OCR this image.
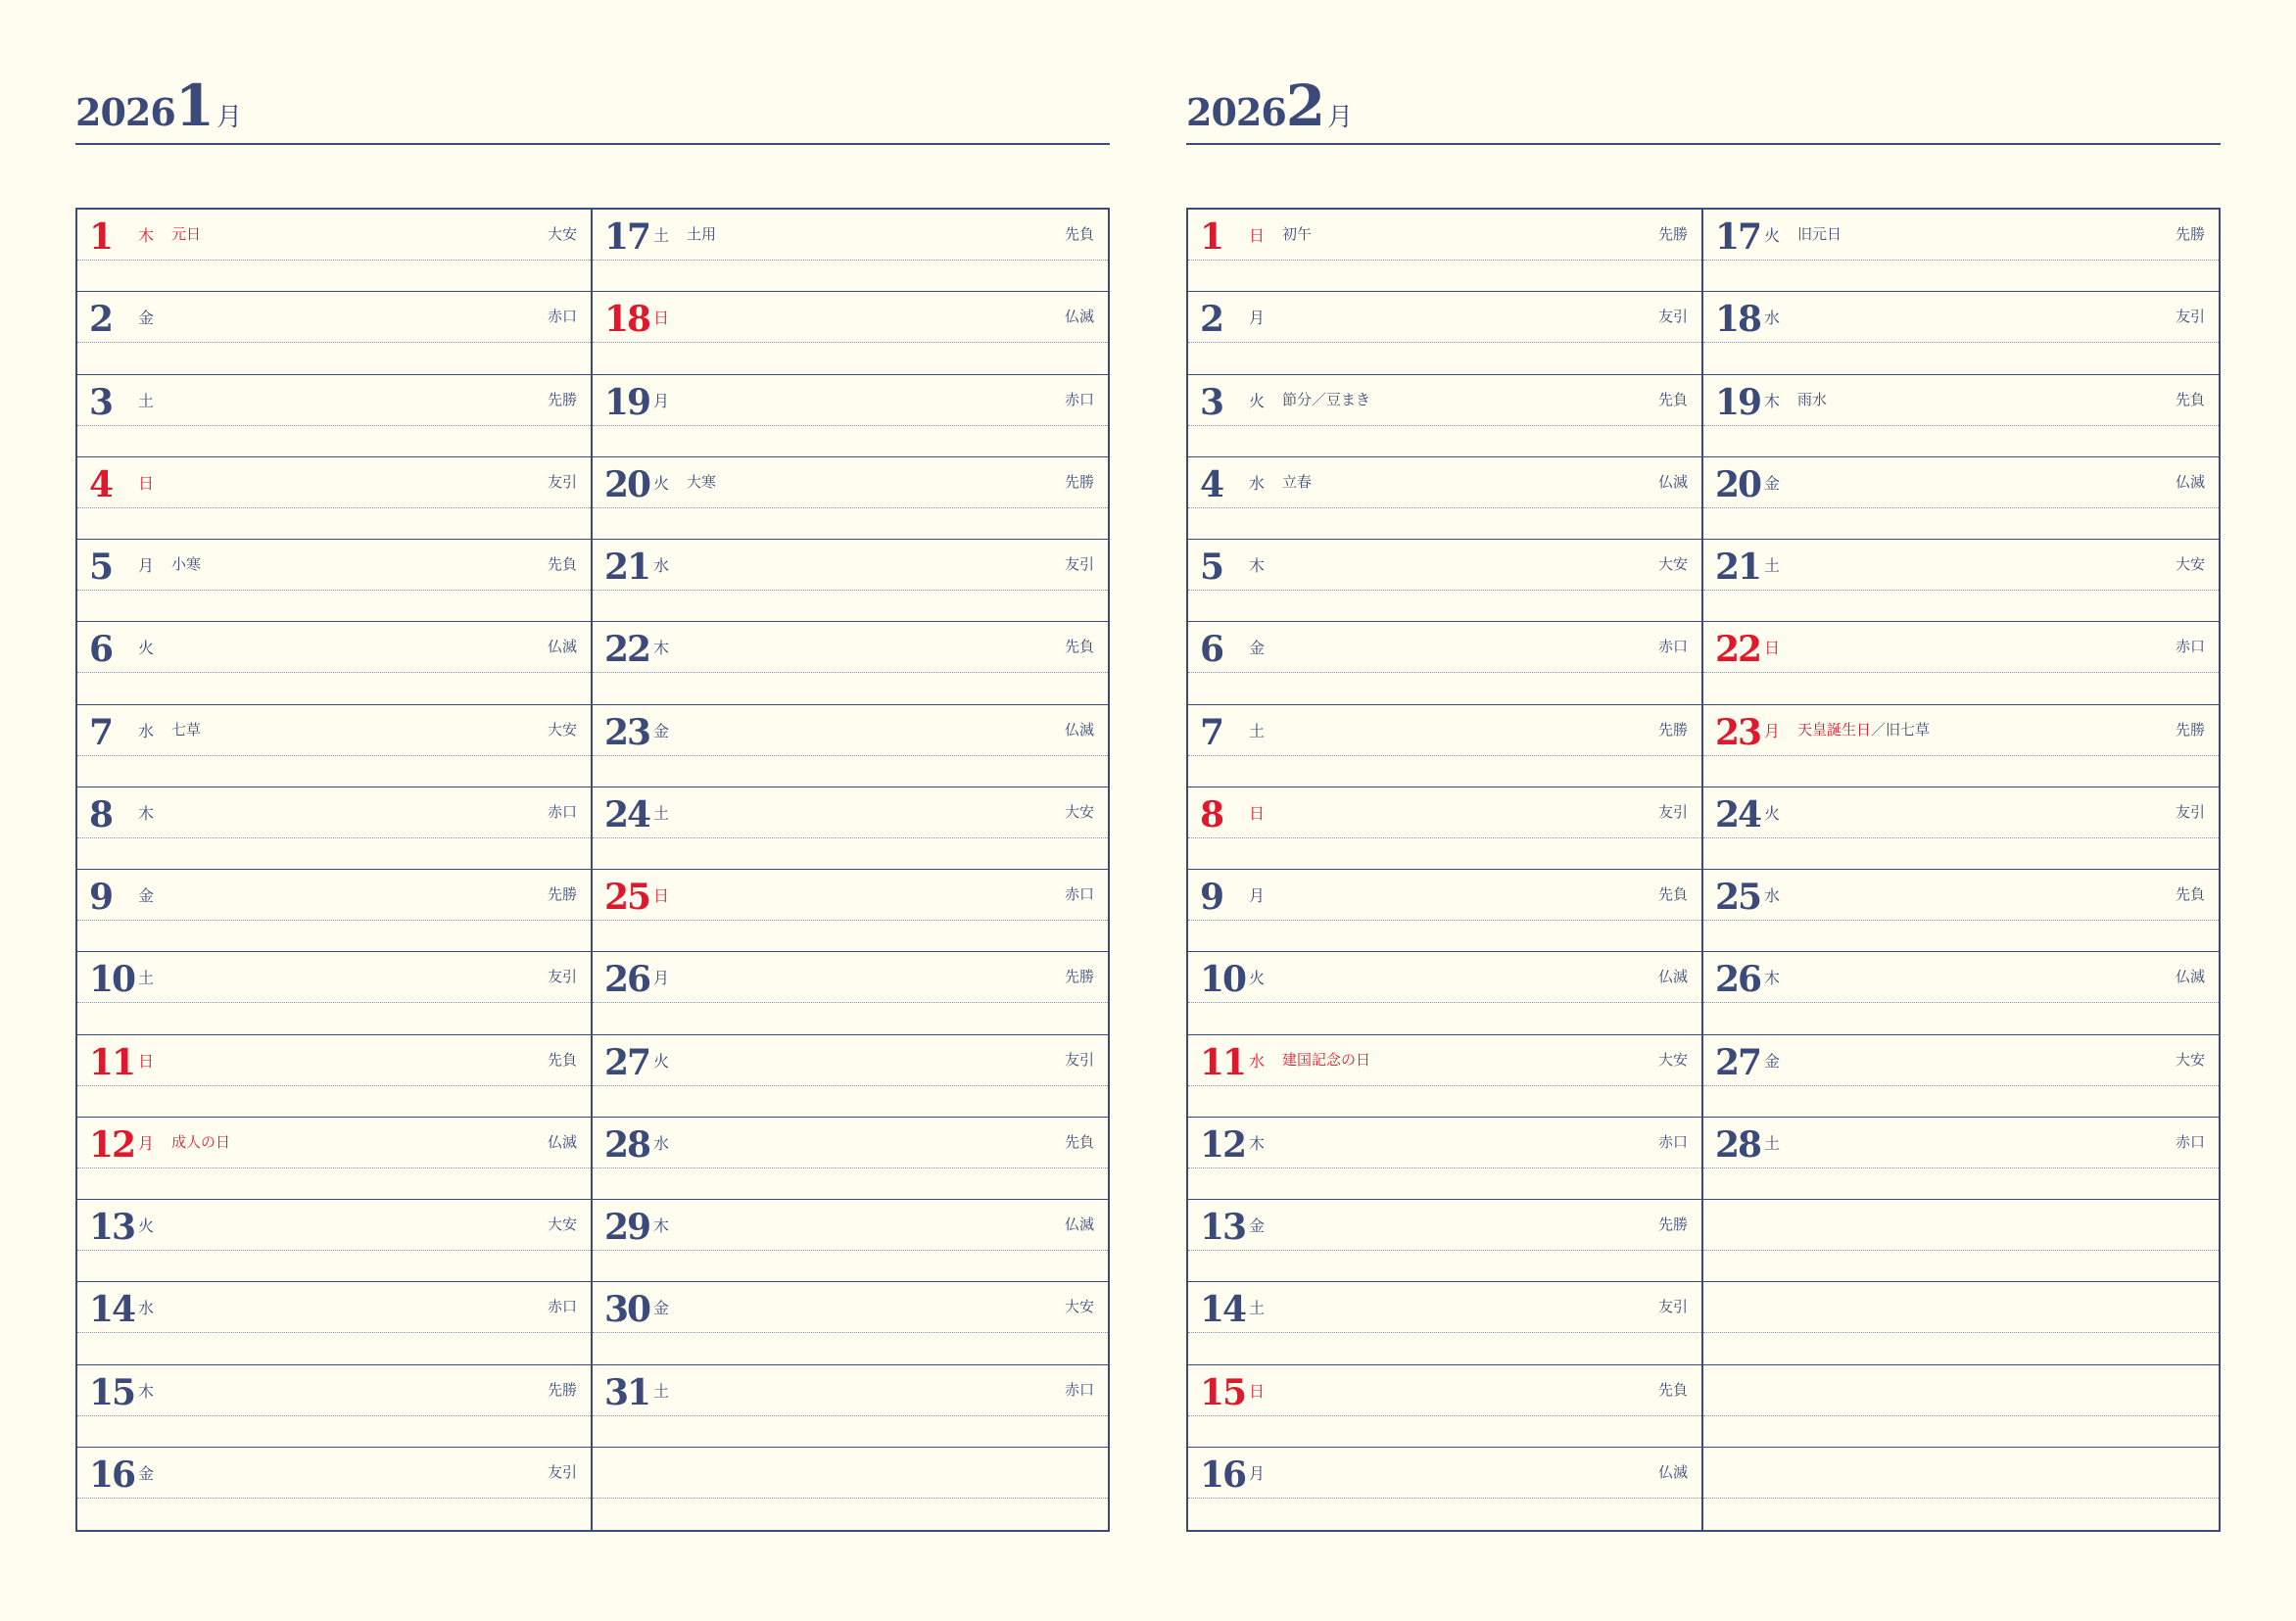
2026 1 月
1 木 元日	大安
2 金	赤口
3 土	先勝
4 日	友引
5 月 小寒	先負
6 火	仏滅
7 水 七草	大安
8 木	赤口
9 金	先勝
10 土	友引
11 日	先負
12 月 成人の日	仏滅
13 火	大安
14 水	赤口
15 木	先勝
16 金	友引
17 土 土用	先負
18 日	仏滅
19 月	赤口
20 火 大寒	先勝
21 水	友引
22 木	先負
23 金	仏滅
24 土	大安
25 日	赤口
26 月	先勝
27 火	友引
28 水	先負
29 木	仏滅
30 金	大安
31 土	赤口
2026 2 月
1 日 初午	先勝
2 月	友引
3 火 節分／豆まき	先負
4 水 立春	仏滅
5 木	大安
6 金	赤口
7 土	先勝
8 日	友引
9 月	先負
10 火	仏滅
11 水 建国記念の日	大安
12 木	赤口
13 金	先勝
14 土	友引
15 日	先負
16 月	仏滅
17 火 旧元日	先勝
18 水	友引
19 木 雨水	先負
20 金	仏滅
21 土	大安
22 日	赤口
23 月 天皇誕生日／旧七草	先勝
24 火	友引
25 水	先負
26 木	仏滅
27 金	大安
28 土	赤口
